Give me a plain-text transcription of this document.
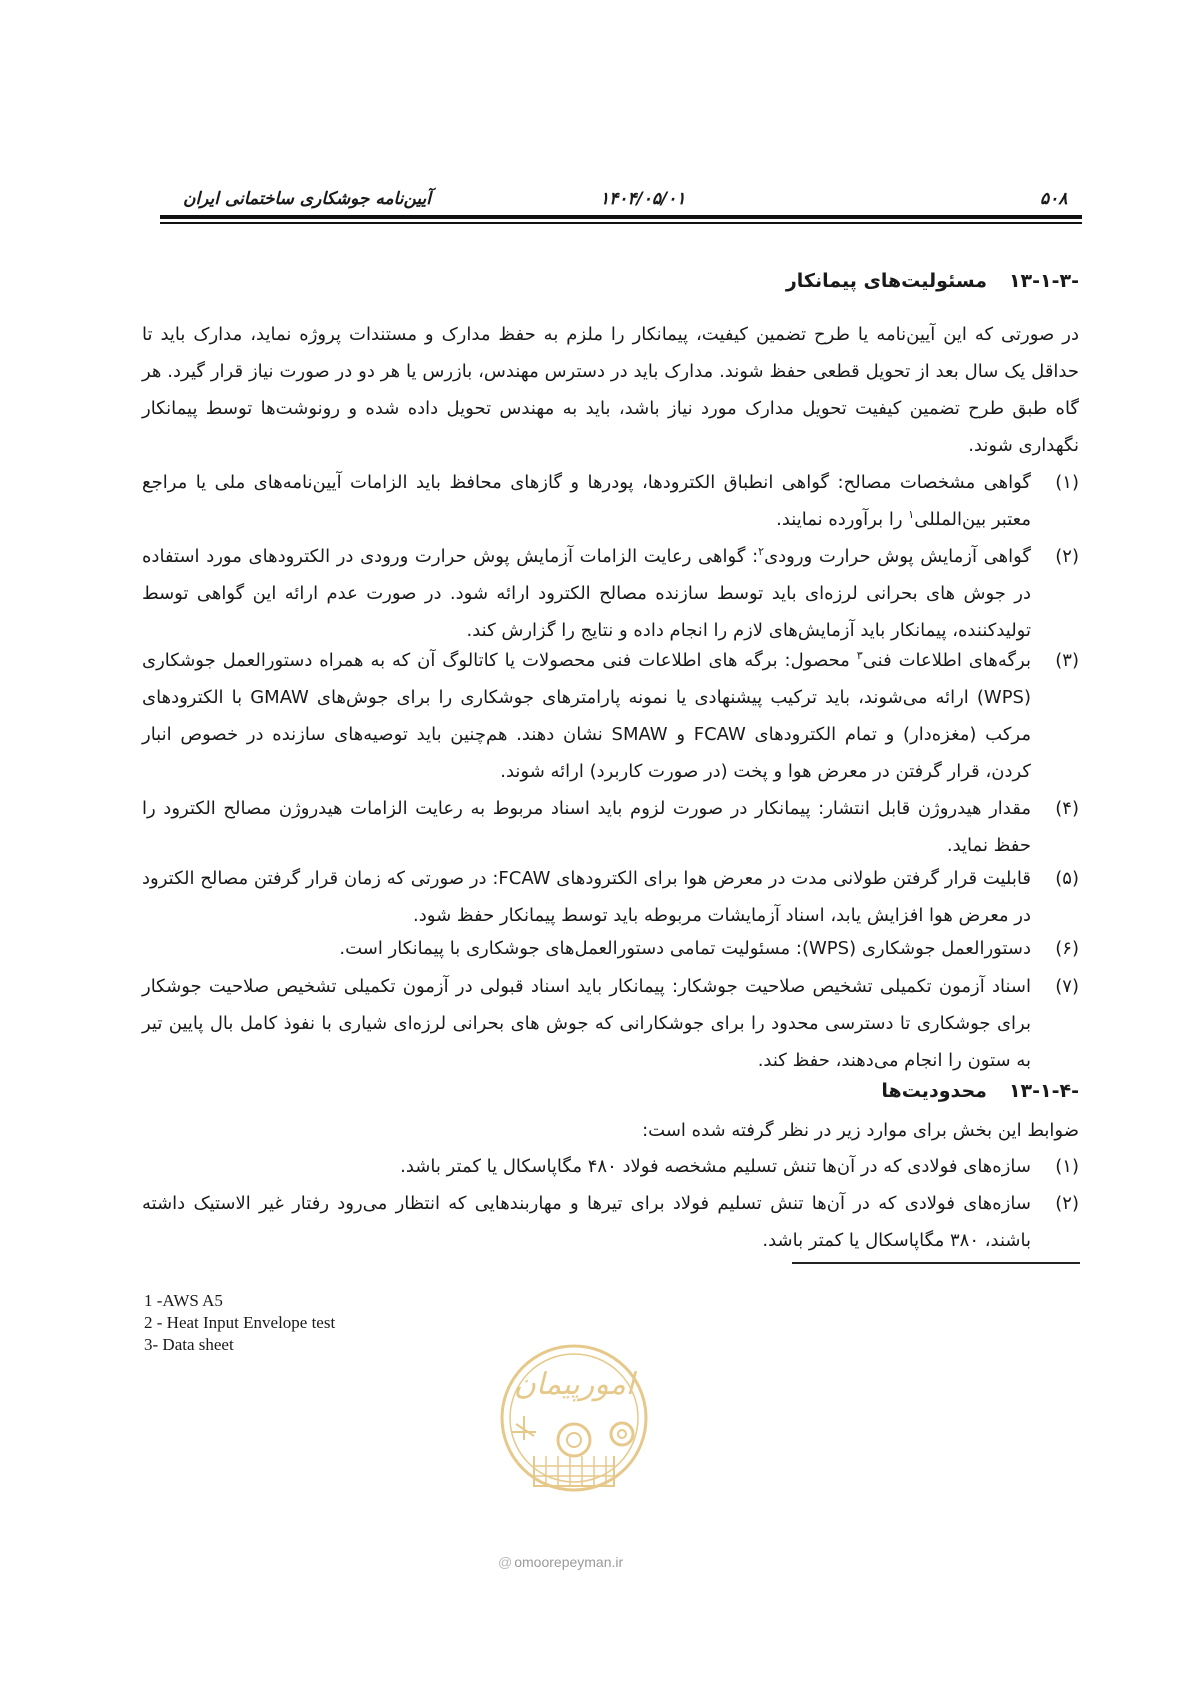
آیین‌نامه جوشکاری ساختمانی ایران	۱۴۰۴/۰۵/۰۱	۵۰۸
۱۳-۱-۳-مسئولیت‌های پیمانکار
در صورتی که این آیین‌نامه یا طرح تضمین کیفیت، پیمانکار را ملزم به حفظ مدارک و مستندات پروژه نماید، مدارک باید تا حداقل یک سال بعد از تحویل قطعی حفظ شوند. مدارک باید در دسترس مهندس، بازرس یا هر دو در صورت نیاز قرار گیرد. هر گاه طبق طرح تضمین کیفیت تحویل مدارک مورد نیاز باشد، باید به مهندس تحویل داده شده و رونوشت‌ها توسط پیمانکار نگهداری شوند.
(۱)
گواهی مشخصات مصالح: گواهی انطباق الکترودها، پودرها و گازهای محافظ باید الزامات آیین‌نامه‌های ملی یا مراجع معتبر بین‌المللی$^۱$ را برآورده نمایند.
(۲)
گواهی آزمایش پوش حرارت ورودی$^۲$: گواهی رعایت الزامات آزمایش پوش حرارت ورودی در الکترودهای مورد استفاده در جوش های بحرانی لرزه‌ای باید توسط سازنده مصالح الکترود ارائه شود. در صورت عدم ارائه این گواهی توسط تولیدکننده، پیمانکار باید آزمایش‌های لازم را انجام داده و نتایج را گزارش کند.
(۳)
برگه‌های اطلاعات فنی$^۳$ محصول: برگه های اطلاعات فنی محصولات یا کاتالوگ آن که به همراه دستورالعمل جوشکاری (WPS) ارائه می‌شوند، باید ترکیب پیشنهادی یا نمونه پارامترهای جوشکاری را برای جوش‌های GMAW با الکترودهای مرکب (مغزه‌دار) و تمام الکترودهای FCAW و SMAW نشان دهند. هم‌چنین باید توصیه‌های سازنده در خصوص انبار کردن، قرار گرفتن در معرض هوا و پخت (در صورت کاربرد) ارائه شوند.
(۴)
مقدار هیدروژن قابل انتشار: پیمانکار در صورت لزوم باید اسناد مربوط به رعایت الزامات هیدروژن مصالح الکترود را حفظ نماید.
(۵)
قابلیت قرار گرفتن طولانی مدت در معرض هوا برای الکترودهای FCAW: در صورتی که زمان قرار گرفتن مصالح الکترود در معرض هوا افزایش یابد، اسناد آزمایشات مربوطه باید توسط پیمانکار حفظ شود.
(۶)
دستورالعمل جوشکاری (WPS): مسئولیت تمامی دستورالعمل‌های جوشکاری با پیمانکار است.
(۷)
اسناد آزمون تکمیلی تشخیص صلاحیت جوشکار: پیمانکار باید اسناد قبولی در آزمون تکمیلی تشخیص صلاحیت جوشکار برای جوشکاری تا دسترسی محدود را برای جوشکارانی که جوش های بحرانی لرزه‌ای شیاری با نفوذ کامل بال پایین تیر به ستون را انجام می‌دهند، حفظ کند.
۱۳-۱-۴-محدودیت‌ها
ضوابط این بخش برای موارد زیر در نظر گرفته شده است:
(۱)
سازه‌های فولادی که در آن‌ها تنش تسلیم مشخصه فولاد ۴۸۰ مگاپاسکال یا کمتر باشد.
(۲)
سازه‌های فولادی که در آن‌ها تنش تسلیم فولاد برای تیرها و مهاربندهایی که انتظار می‌رود رفتار غیر الاستیک داشته باشند، ۳۸۰ مگاپاسکال یا کمتر باشد.
امورپیمان
@ omoorepeyman.ir
1 -AWS A5
2 - Heat Input Envelope test
3- Data sheet
